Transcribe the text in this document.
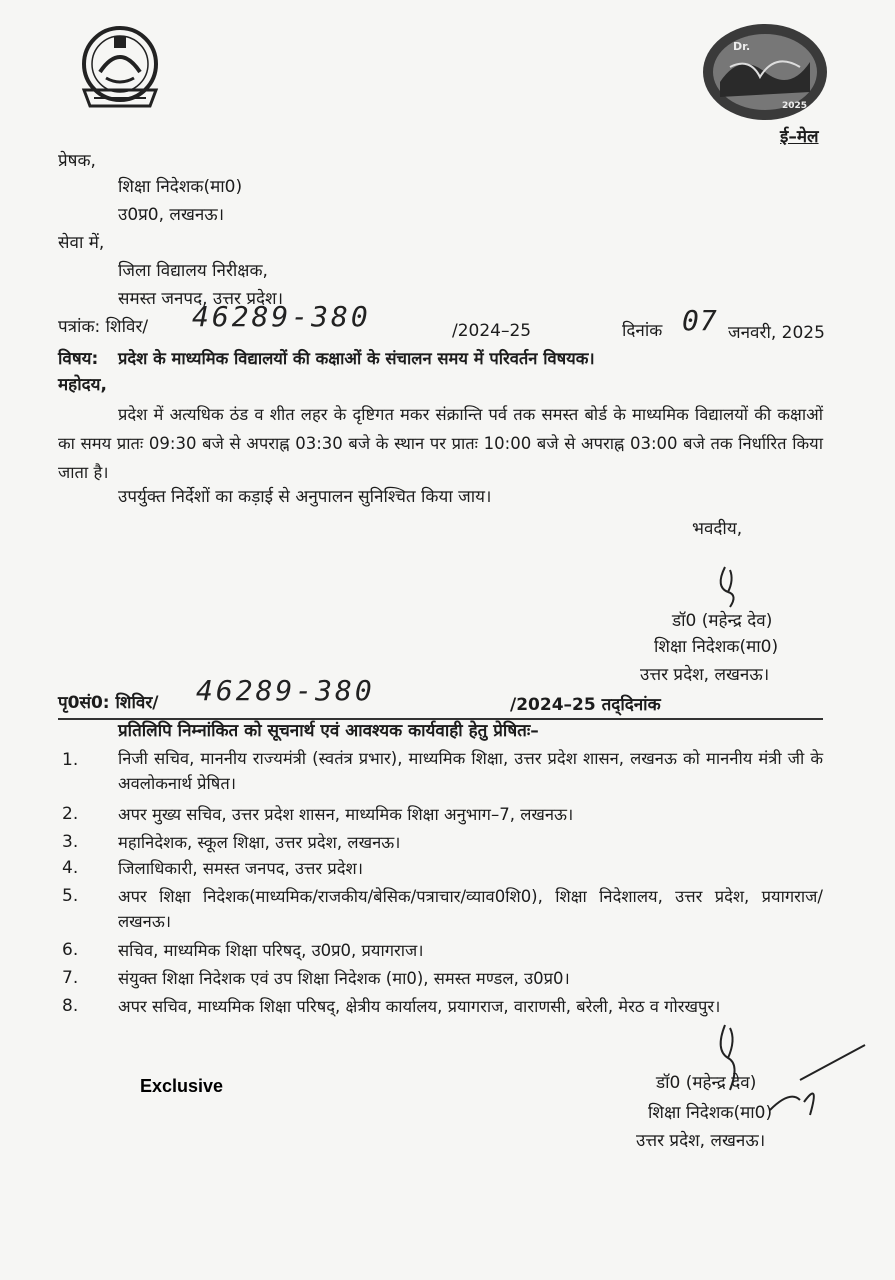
Dr.
2025
ई–मेल
प्रेषक,
शिक्षा निदेशक(मा0)
उ0प्र0, लखनऊ।
सेवा में,
जिला विद्यालय निरीक्षक,
समस्त जनपद, उत्तर प्रदेश।
पत्रांक: शिविर/ 46289-380	/2024–25	दिनांक 07 जनवरी, 2025
विषय: प्रदेश के माध्यमिक विद्यालयों की कक्षाओं के संचालन समय में परिवर्तन विषयक।
महोदय,
प्रदेश में अत्यधिक ठंड व शीत लहर के दृष्टिगत मकर संक्रान्ति पर्व तक समस्त बोर्ड के माध्यमिक विद्यालयों की कक्षाओं का समय प्रातः 09:30 बजे से अपराह्न 03:30 बजे के स्थान पर प्रातः 10:00 बजे से अपराह्न 03:00 बजे तक निर्धारित किया जाता है।
उपर्युक्त निर्देशों का कड़ाई से अनुपालन सुनिश्चित किया जाय।
भवदीय,
डॉ0 (महेन्द्र देव)
शिक्षा निदेशक(मा0)
उत्तर प्रदेश, लखनऊ।
पृ0सं0: शिविर/ 46289-380	/2024–25 तद्‌दिनांक
प्रतिलिपि निम्नांकित को सूचनार्थ एवं आवश्यक कार्यवाही हेतु प्रेषितः–
1. निजी सचिव, माननीय राज्यमंत्री (स्वतंत्र प्रभार), माध्यमिक शिक्षा, उत्तर प्रदेश शासन, लखनऊ को माननीय मंत्री जी के अवलोकनार्थ प्रेषित।
2. अपर मुख्य सचिव, उत्तर प्रदेश शासन, माध्यमिक शिक्षा अनुभाग–7, लखनऊ।
3. महानिदेशक, स्कूल शिक्षा, उत्तर प्रदेश, लखनऊ।
4. जिलाधिकारी, समस्त जनपद, उत्तर प्रदेश।
5. अपर शिक्षा निदेशक(माध्यमिक/राजकीय/बेसिक/पत्राचार/व्याव0शि0), शिक्षा निदेशालय, उत्तर प्रदेश, प्रयागराज/लखनऊ।
6. सचिव, माध्यमिक शिक्षा परिषद्, उ0प्र0, प्रयागराज।
7. संयुक्त शिक्षा निदेशक एवं उप शिक्षा निदेशक (मा0), समस्त मण्डल, उ0प्र0।
8. अपर सचिव, माध्यमिक शिक्षा परिषद्, क्षेत्रीय कार्यालय, प्रयागराज, वाराणसी, बरेली, मेरठ व गोरखपुर।
Exclusive	डॉ0 (महेन्द्र देव)
शिक्षा निदेशक(मा0)
उत्तर प्रदेश, लखनऊ।
